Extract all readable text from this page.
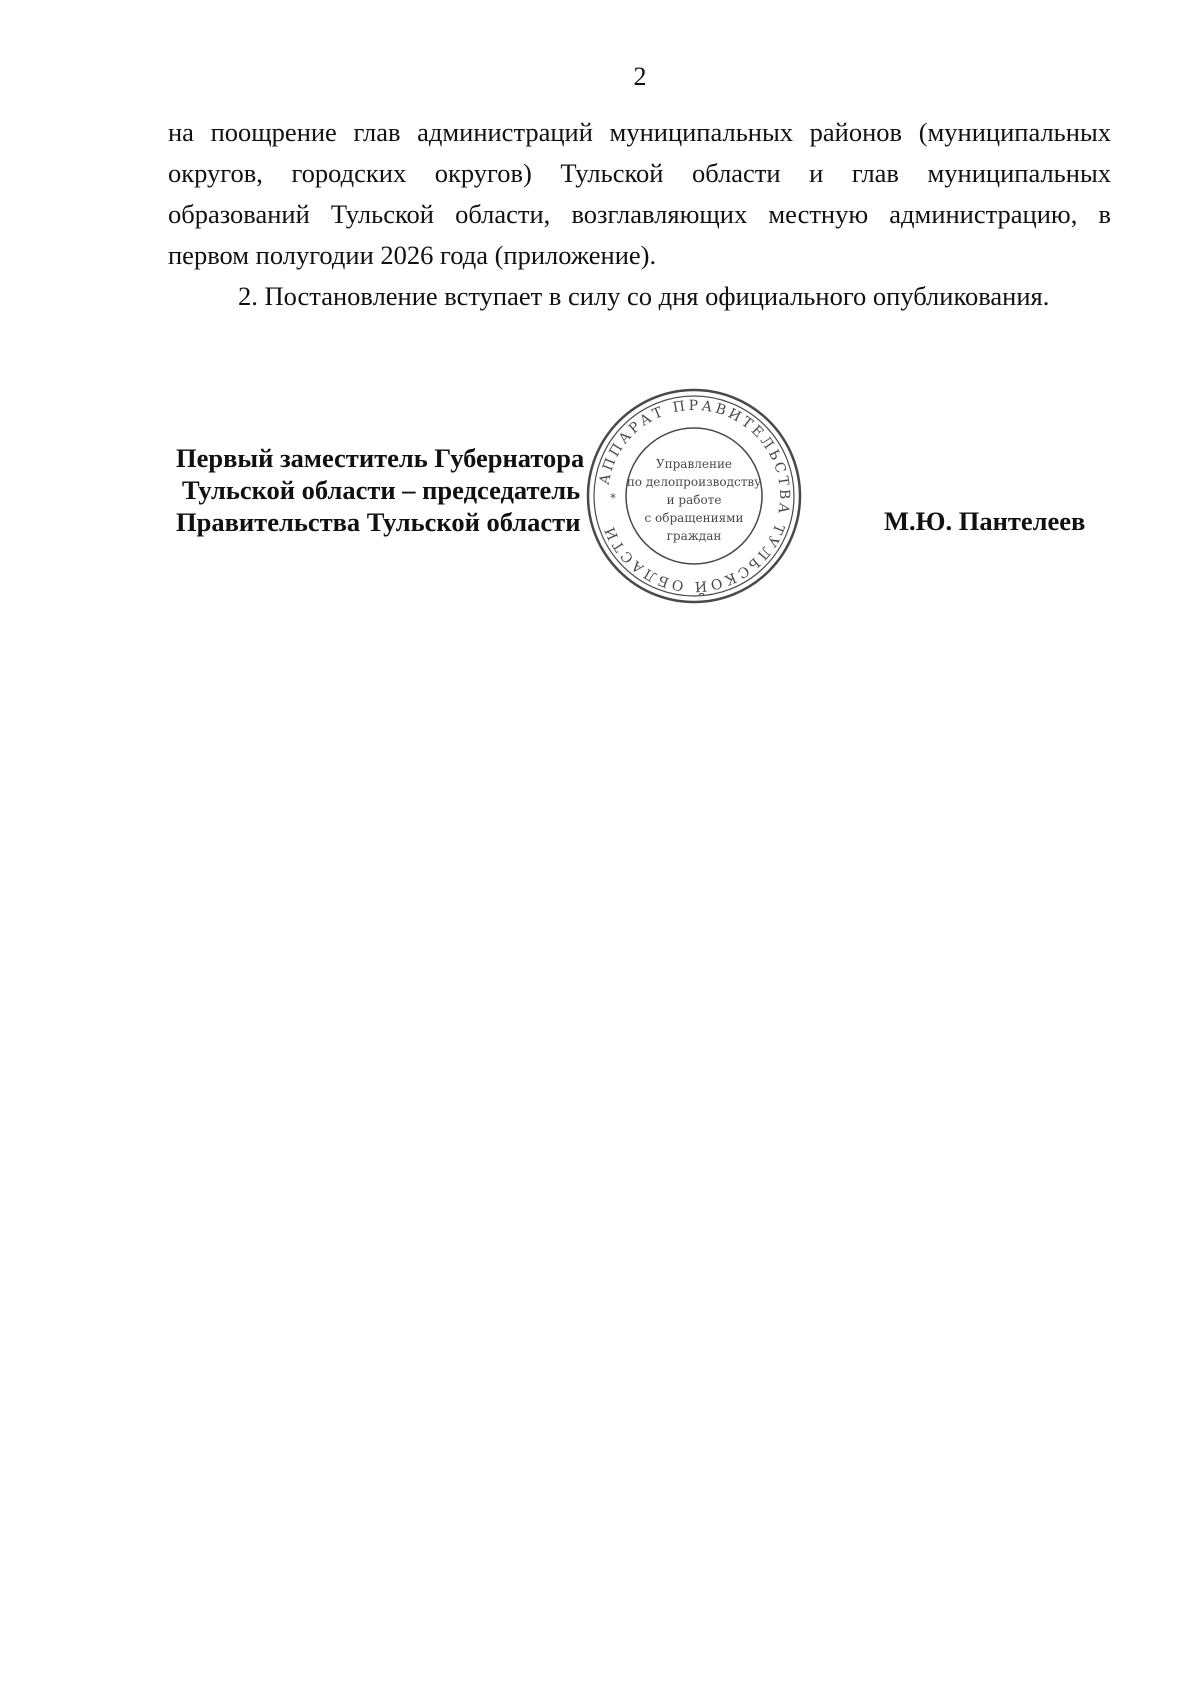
2

на поощрение глав администраций муниципальных районов (муниципальных
округов, городских округов) Тульской области и глав муниципальных
образований Тульской области, возглавляющих местную администрацию, в
первом полугодии 2026 года (приложение).

2. Постановление вступает в силу со дня официального опубликования.

Первый заместитель Губернатора
Тульской области – председатель
Правительства Тульской области
АППАРАТ ПРАВИТЕЛЬСТВА ТУЛЬСКОЙ ОБЛАСТИ
Управление
по делопроизводству
и работе
с обращениями
граждан
*
М.Ю. Пантелеев
